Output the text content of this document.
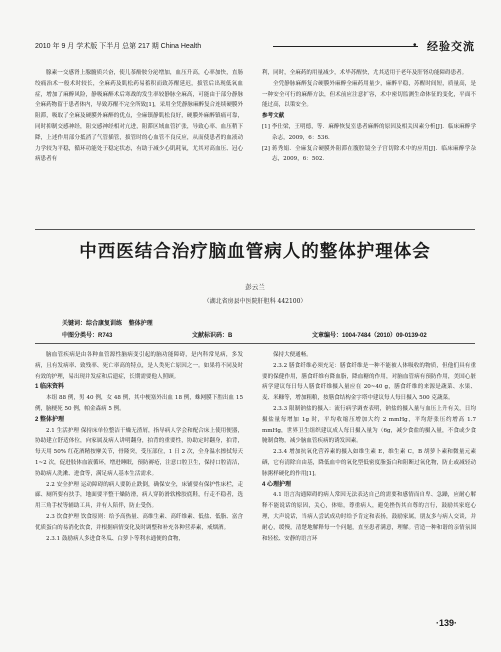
2010 年 9 月 学术版 下半月 总第 217 期 China Health	• 经验交流

腺素一交感肾上腺髓质兴奋，使儿茶酚胺分泌增加，血压升高，心率加快，直肠绞痛治术一般术时较长，全麻药及肌松药易蓄积而致苏醒延迟，拔管后出现低氧血症，增加了麻醉风险，静吸麻醉术后寒战的发生率较静脉全麻高，可能由于部分静脉全麻药物留于患者体内，导致苏醒不完全所致[1]，采用全凭静脉麻醉复合连续硬膜外阻滞，吸取了全麻及硬膜外麻醉的优点，全麻镇静肌松良好，硬膜外麻醉镇痛可靠，同时抑制交感神经，阻交感神经相对亢进，阻滞区域血管扩张，导致心率、血压稍下降，上述作用部分抵消了气管插管，拔管时的心血管不良反应，从而使患者的血液动力学较为平稳，循环功能处于稳定状态，有助于减少心肌耗氧，尤其对高血压、冠心病患者有

利，同时，全麻药的用量减少，术毕苏醒快，尤其适用于老年及肝肾功能障碍患者。

全凭静脉麻醉复合硬膜外麻醉全麻药用量少，麻醉平稳，苏醒时间短，质量高，是一种安全可行的麻醉方法，但术前应注意扩容，术中密切监测生命体征的变化，平面不能过高，以策安全。

参考文献

[1] 李仕梁，王明德，等．麻醉恢复室患者麻醉的原因及相关因素分析[J]．临床麻醉学杂志，2009，6：536．

[2] 蒋秀娟．全麻复合硬膜外阻滞在腹腔镜全子宫切除术中的应用[J]．临床麻醉学杂志，2009，6：502．

中西医结合治疗脑血管病人的整体护理体会
彭云兰
（湖北省房县中医院肝胆科 442100）
关键词：综合康复训练    整体护理
中图分类号：R743	文献标识码：B	文章编号：1004-7484（2010）09-0139-02

脑血管疾病是由各种血管源性脑病变引起的脑功能障碍，是内科常见病，多发病，且有发病率、致残率、死亡率高的特点，是人类死亡原因之一。如果将不同及时有效的护理，易出现并发症和后遗症，长期需要他人照顾。

1 临床资料

本组 88 例，男 40 例，女 48 例，其中梗塞外出血 18 例，蛛网膜下腔出血 15 例，脑梗死 50 例，帕金森病 5 例。

2 整体护理

2.1 生活护理 保持床单位整洁干燥无渣屑，指导病人学会和配合床上使用便器，协助建立舒适体位，向家属及病人讲明翻身，拍背的重要性，协助定时翻身，拍背，每天用 50% 红花酒精按摩关节，骨隆突，受压部位，1 日 2 次，全身温水擦拭每天 1~2 次，促进肢体血液循环，增进睡眠，预防褥疮，注意口腔卫生，保持口腔清洁，协助病人洗漱、进食等，满足病人基本生活需求。

2.2 安全护理 运动障碍的病人要防止跌倒，确保安全，床铺要有保护性床栏，走廊、厕所要有扶手，地面要平整干燥防滑，病人穿防滑软橡胶底鞋，行走不稳者，选用三角手杖等辅助工具，并有人陪伴，防止受伤。

2.3 饮食护理 饮食原则：给予高热量、高维生素、高纤维素、低盐、低脂、富含优质蛋白的易消化饮食，并根据病情变化及时调整和补充各种营养素，戒烟酒。

2.3.1 鼓励病人多进食冬瓜、白萝卜等利水通便的食物，

保持大便通畅。

2.3.2 膳食纤维必须充足：膳食纤维是一种不能被人体吸收的物质，但他们具有重要的保健作用，膳食纤维有降血脂，降血糖的作用，对脑血管病有预防作用，美国心脏病学建议每日每人膳食纤维摄入量应在 20~40 g，膳食纤维的来源是蔬菜、水果、麦、米糠等，增加粗粮，按膳食结构金字塔中建议每人每日摄入 500 克蔬菜。

2.3.3 限制钠盐的摄入：流行病学调查表明，钠盐的摄入量与血压上升有关，日均摄盐量每增加 1g 时，平均收缩压增加大约 2 mmHg，平均舒张压约增高 1.7 mmHg，世界卫生组织建议成人每日摄入量为（6g，减少食盐的摄入量，不食或少食腌制食物，减少脑血管疾病的诱发因素。

2.3.4 增加抗氧化营养素的摄入如维生素 E，维生素 C，B 胡萝卜素和微量元素硒，它有清除自由基，降低血中的氧化型低密度脂蛋白和阻断过氧化物，防止或减轻动脉粥样硬化的作用[1]。

4 心理护理

4.1 语言沟通障碍的病人常因无法表达自己的需要和感情而自卑、急躁，应耐心解释不能说话的原因，关心，体贴，尊重病人，避免挫伤其自尊的言行，鼓励其家庭心理，大声说话，当病人尝试成功时给予肯定和表扬，鼓励家属，朋友多与病人交谈，并耐心，缓慢，清楚地解释每一个问题，直至患者满意，理解。营造一种和谐的亲情氛围和轻松、安静的语言环

·139·
